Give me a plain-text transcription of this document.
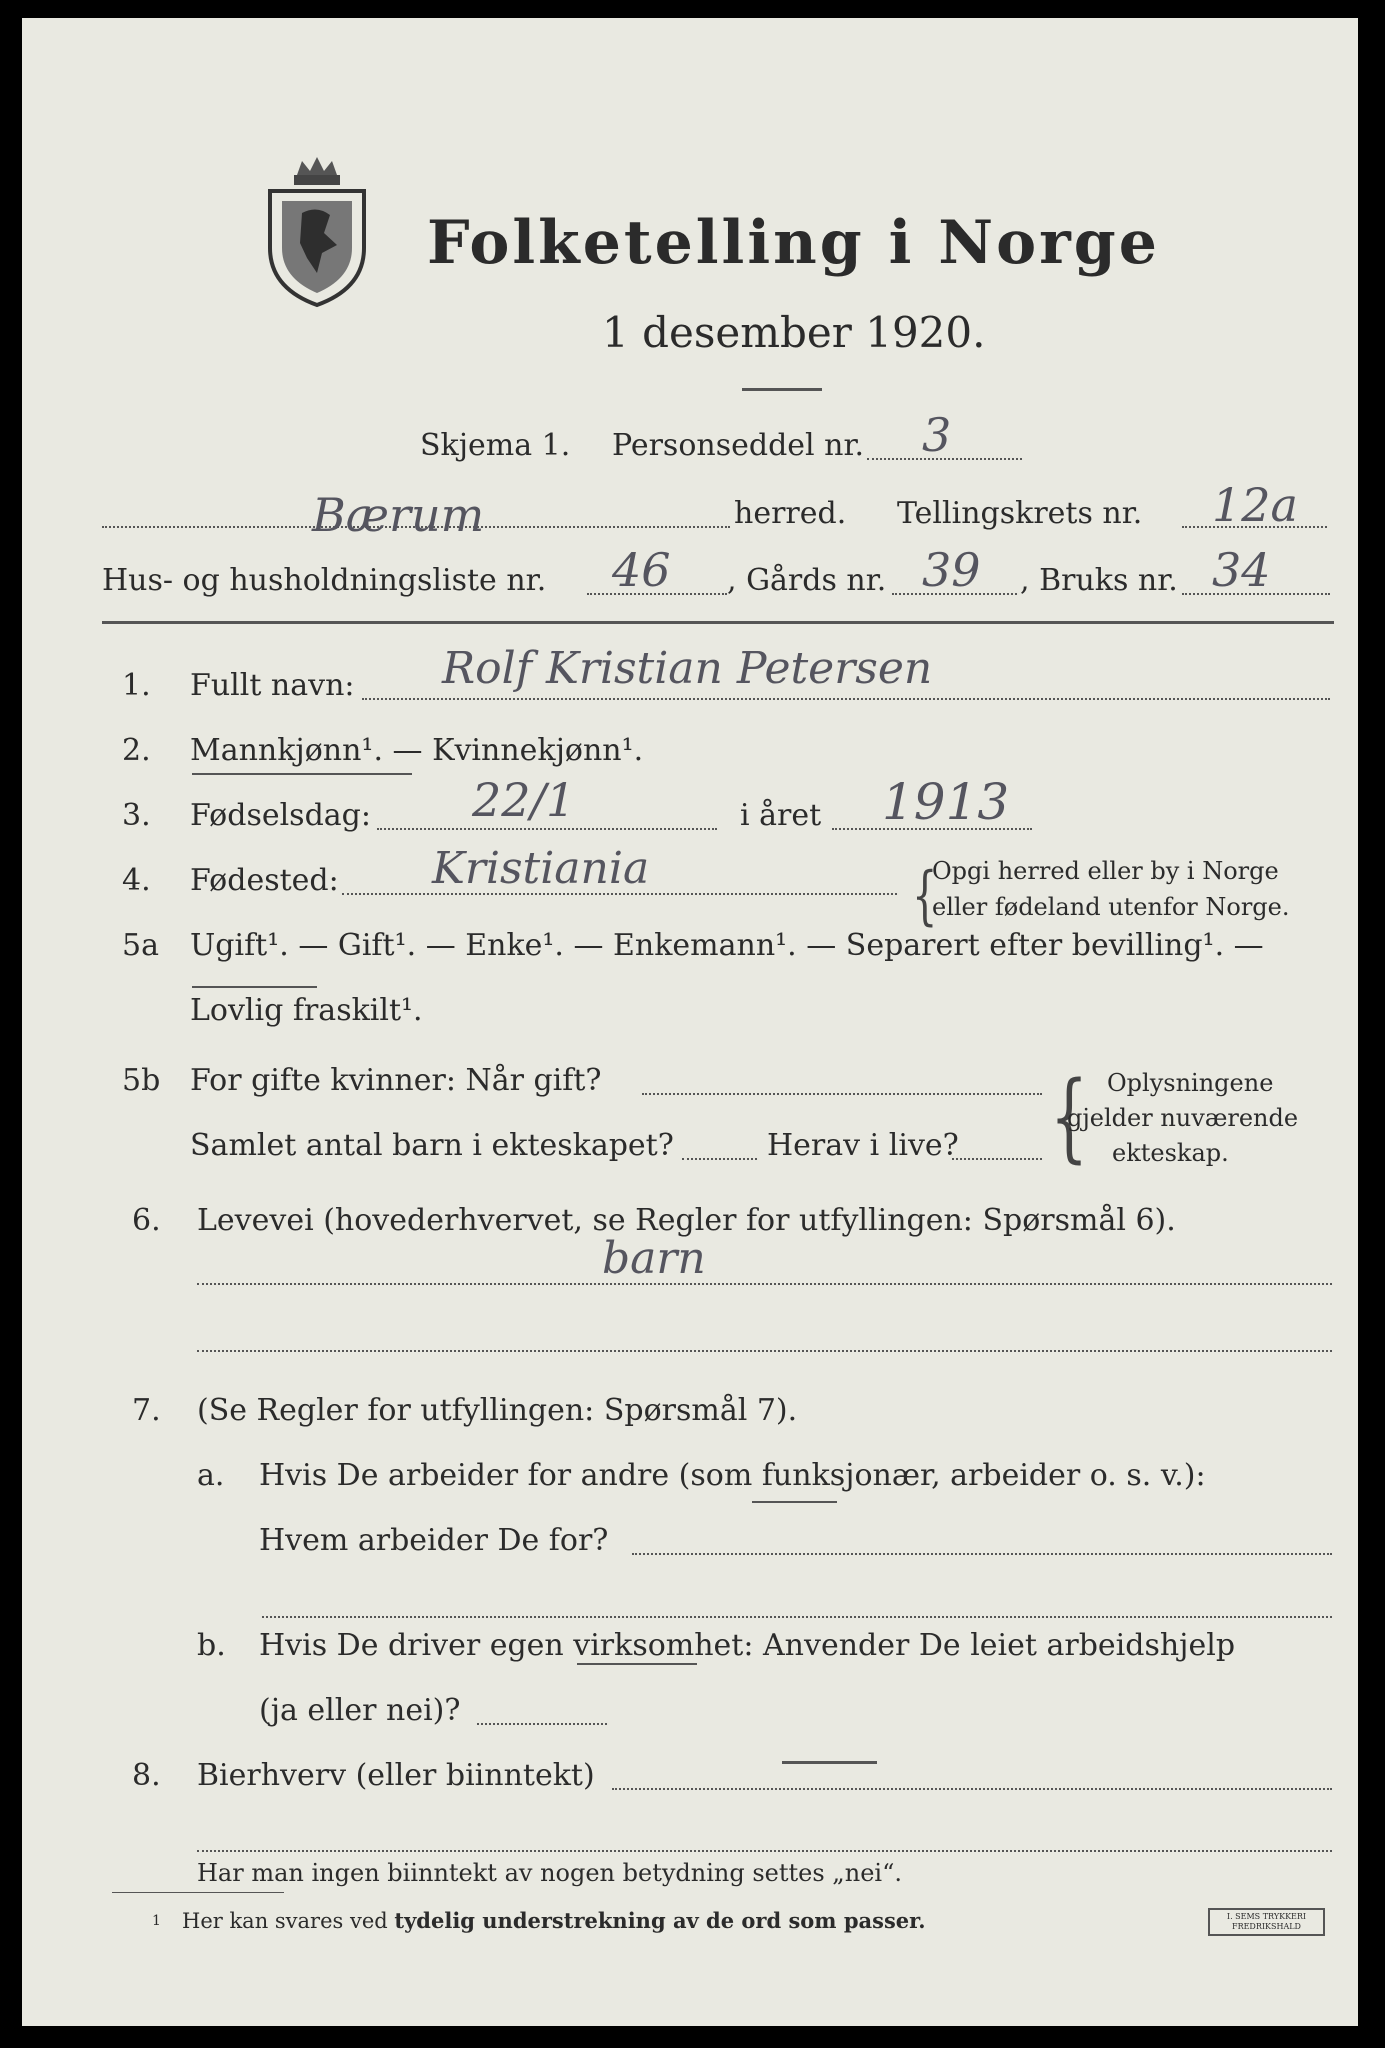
Folketelling i Norge
1 desember 1920.
Skjema 1. Personseddel nr. 3
Bærum	herred. Tellingskrets nr. 12a
Hus- og husholdningsliste nr. 46 , Gårds nr. 39 , Bruks nr. 34
1. Fullt navn: Rolf Kristian Petersen
2. Mannkjønn¹. — Kvinnekjønn¹.
3. Fødselsdag: 22/1	i året 1913
4. Fødested: Kristiania	{
Opgi herred eller by i Norge
eller fødeland utenfor Norge.
5a Ugift¹. — Gift¹. — Enke¹. — Enkemann¹. — Separert efter bevilling¹. —
Lovlig fraskilt¹.
5b For gifte kvinner: Når gift?
Samlet antal barn i ekteskapet?	Herav i live? { Oplysningene
gjelder nuværende
ekteskap.
6. Levevei (hovederhvervet, se Regler for utfyllingen: Spørsmål 6).
barn
7. (Se Regler for utfyllingen: Spørsmål 7).
a. Hvis De arbeider for andre (som funksjonær, arbeider o. s. v.):
Hvem arbeider De for?
b. Hvis De driver egen virksomhet: Anvender De leiet arbeidshjelp
(ja eller nei)?
8. Bierhverv (eller biinntekt)
Har man ingen biinntekt av nogen betydning settes „nei“.
1 Her kan svares ved tydelig understrekning av de ord som passer.	I. SEMS TRYKKERI
FREDRIKSHALD
